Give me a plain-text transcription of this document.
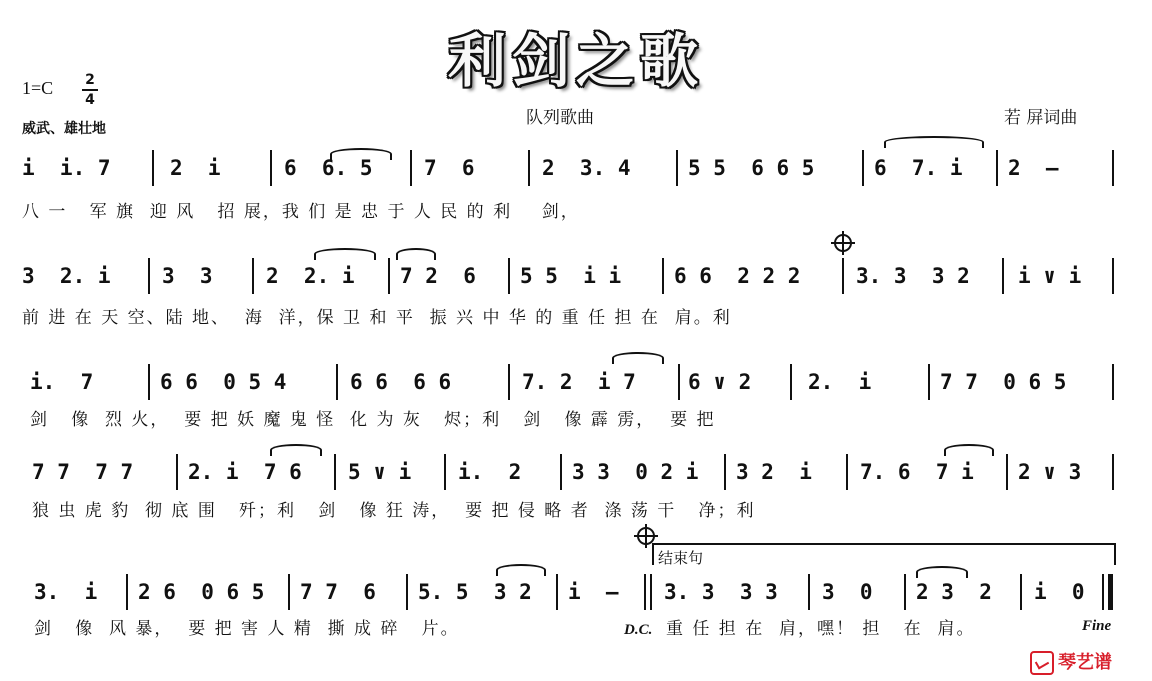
利剑之歌
1=C 2
4
威武、雄壮地
队列歌曲	若 屏词曲
i  i. 7	2  i	6  6. 5 7  6	2  3. 4	5 5  6 6 5	6  7. i 2  –
八 一   军 旗  迎 风   招 展，我 们 是 忠 于 人 民 的 利    剑，
3  2. i 3  3	2  2. i 7 2  6 5 5  i i	6 6  2 2 2	3. 3  3 2 i ∨ i
前 进 在 天 空、陆 地、  海  洋，保 卫 和 平  振 兴 中 华 的 重 任 担 在  肩。利
i.  7	6 6  0 5 4	6 6  6 6	7. 2  i 7 6 ∨ 2	2.  i	7 7  0 6 5
剑   像  烈 火，  要 把 妖 魔 鬼 怪  化 为 灰   烬；利   剑   像 霹 雳，  要 把
7 7  7 7	2. i  7 6 5 ∨ i i.  2 3 3  0 2 i 3 2  i 7. 6  7 i 2 ∨ 3
狼 虫 虎 豹  彻 底 围   歼；利   剑   像 狂 涛，  要 把 侵 略 者  涤 荡 干   净；利
结束句
3.  i 2 6  0 6 5 7 7  6 5. 5  3 2 i  – 3. 3  3 3 3  0 2 3  2 i  0
剑   像  风 暴，  要 把 害 人 精  撕 成 碎   片。	D.C. 重 任 担 在  肩，嘿！ 担   在  肩。	Fine
琴艺谱
